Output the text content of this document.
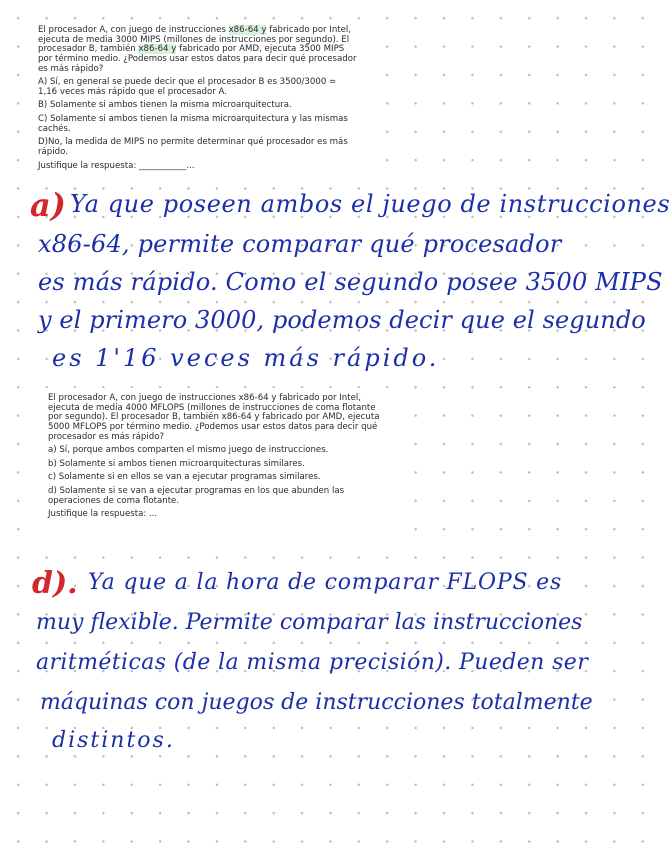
El procesador A, con juego de instrucciones x86-64 y fabricado por Intel, ejecuta de media 3000 MIPS (millones de instrucciones por segundo). El procesador B, también x86-64 y fabricado por AMD, ejecuta 3500 MIPS por término medio. ¿Podemos usar estos datos para decir qué procesador es más rápido?

A) Sí, en general se puede decir que el procesador B es 3500/3000 = 1,16 veces más rápido que el procesador A.

B) Solamente si ambos tienen la misma microarquitectura.

C) Solamente si ambos tienen la misma microarquitectura y las mismas cachés.

D)No, la medida de MIPS no permite determinar qué procesador es más rápido.

Justifique la respuesta: ___________...

a) Ya que poseen ambos el juego de instrucciones
x86-64, permite comparar qué procesador
es más rápido. Como el segundo posee 3500 MIPS
y el primero 3000, podemos decir que el segundo
es 1'16 veces más rápido.

El procesador A, con juego de instrucciones x86-64 y fabricado por Intel, ejecuta de media 4000 MFLOPS (millones de instrucciones de coma flotante por segundo). El procesador B, también x86-64 y fabricado por AMD, ejecuta 5000 MFLOPS por término medio. ¿Podemos usar estos datos para decir qué procesador es más rápido?

a) Sí, porque ambos comparten el mismo juego de instrucciones.

b) Solamente si ambos tienen microarquitecturas similares.

c) Solamente si en ellos se van a ejecutar programas similares.

d) Solamente si se van a ejecutar programas en los que abunden las operaciones de coma flotante.

Justifique la respuesta: ...

d). Ya que a la hora de comparar FLOPS es
muy flexible. Permite comparar las instrucciones
aritméticas (de la misma precisión). Pueden ser
máquinas con juegos de instrucciones totalmente
distintos.
